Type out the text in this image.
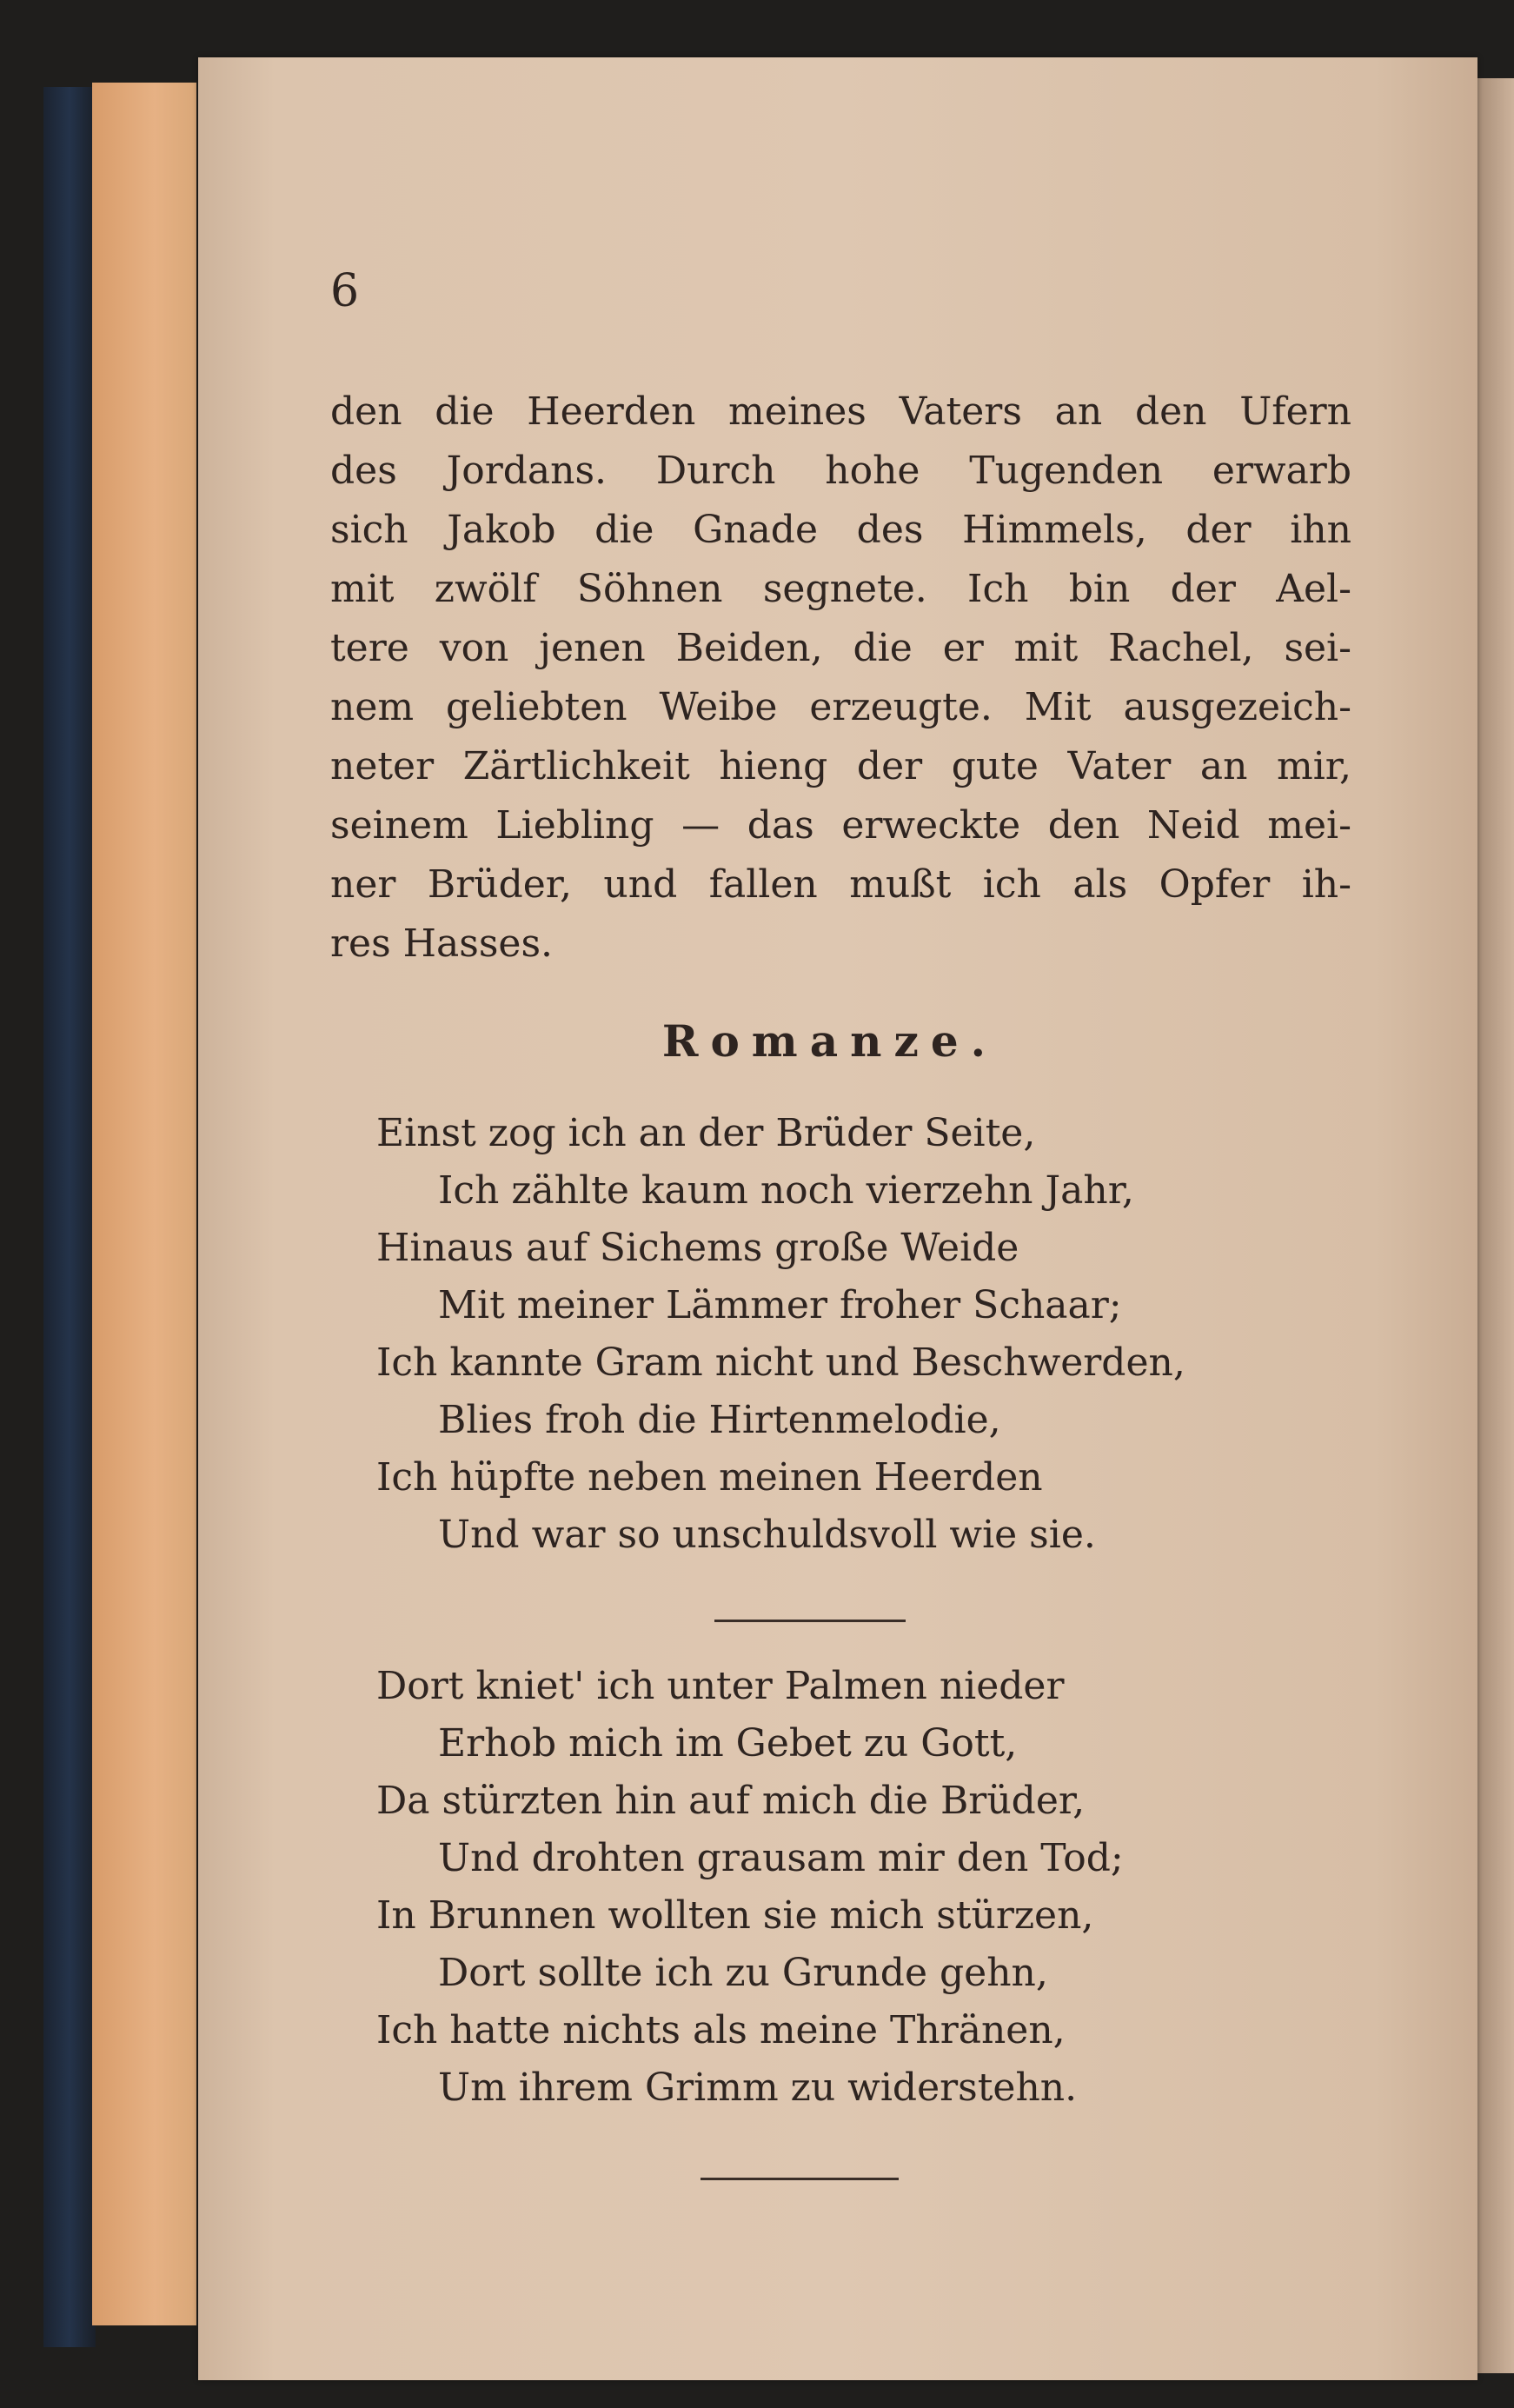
6
den die Heerden meines Vaters an den Ufern
des Jordans. Durch hohe Tugenden erwarb
sich Jakob die Gnade des Himmels, der ihn
mit zwölf Söhnen segnete. Ich bin der Ael-
tere von jenen Beiden, die er mit Rachel, sei-
nem geliebten Weibe erzeugte. Mit ausgezeich-
neter Zärtlichkeit hieng der gute Vater an mir,
seinem Liebling — das erweckte den Neid mei-
ner Brüder, und fallen mußt ich als Opfer ih-
res Hasses.
Romanze.
Einst zog ich an der Brüder Seite,
Ich zählte kaum noch vierzehn Jahr,
Hinaus auf Sichems große Weide
Mit meiner Lämmer froher Schaar;
Ich kannte Gram nicht und Beschwerden,
Blies froh die Hirtenmelodie,
Ich hüpfte neben meinen Heerden
Und war so unschuldsvoll wie sie.
Dort kniet' ich unter Palmen nieder
Erhob mich im Gebet zu Gott,
Da stürzten hin auf mich die Brüder,
Und drohten grausam mir den Tod;
In Brunnen wollten sie mich stürzen,
Dort sollte ich zu Grunde gehn,
Ich hatte nichts als meine Thränen,
Um ihrem Grimm zu widerstehn.
